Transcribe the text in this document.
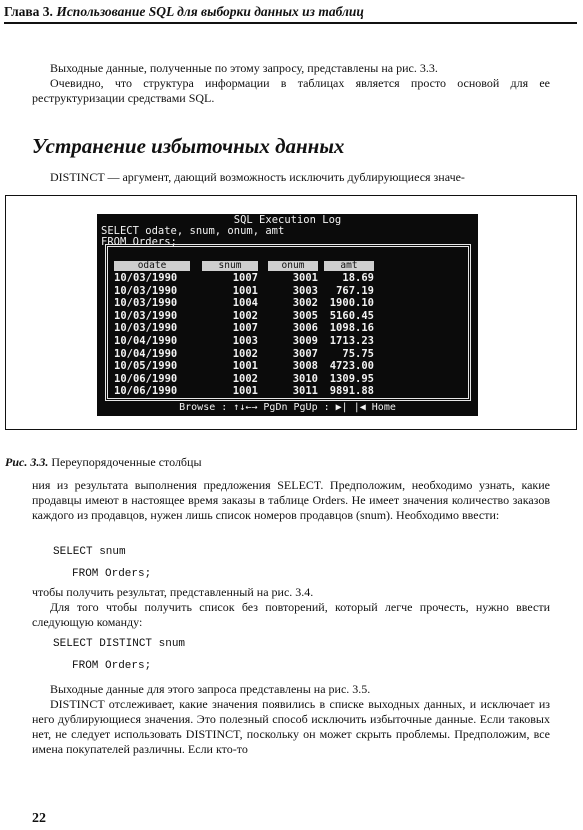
Глава 3. Использование SQL для выборки данных из таблиц

Выходные данные, полученные по этому запросу, представлены на рис. 3.3.

Очевидно, что структура информации в таблицах является просто основой для ее реструктуризации средствами SQL.

Устранение избыточных данных

DISTINCT — аргумент, дающий возможность исключить дублирующиеся значе-

SQL Execution Log
SELECT odate, snum, onum, amt
FROM Orders;
odate	snum	onum	amt
10/03/1990	1007	3001	18.69
10/03/1990	1001	3003	767.19
10/03/1990	1004	3002	1900.10
10/03/1990	1002	3005	5160.45
10/03/1990	1007	3006	1098.16
10/04/1990	1003	3009	1713.23
10/04/1990	1002	3007	75.75
10/05/1990	1001	3008	4723.00
10/06/1990	1002	3010	1309.95
10/06/1990	1001	3011	9891.88
Browse : ↑↓←→ PgDn PgUp : ▶| |◀ Home

Рис. 3.3. Переупорядоченные столбцы

ния из результата выполнения предложения SELECT. Предположим, необходимо узнать, какие продавцы имеют в настоящее время заказы в таблице Orders. Не имеет значения количество заказов каждого из продавцов, нужен лишь список номеров продавцов (snum). Необходимо ввести:

SELECT snum
FROM Orders;

чтобы получить результат, представленный на рис. 3.4.

Для того чтобы получить список без повторений, который легче прочесть, нужно ввести следующую команду:

SELECT DISTINCT snum
FROM Orders;

Выходные данные для этого запроса представлены на рис. 3.5.

DISTINCT отслеживает, какие значения появились в списке выходных данных, и исключает из него дублирующиеся значения. Это полезный способ исключить избыточные данные. Если таковых нет, не следует использовать DISTINCT, поскольку он может скрыть проблемы. Предположим, все имена покупателей различны. Если кто-то

22
